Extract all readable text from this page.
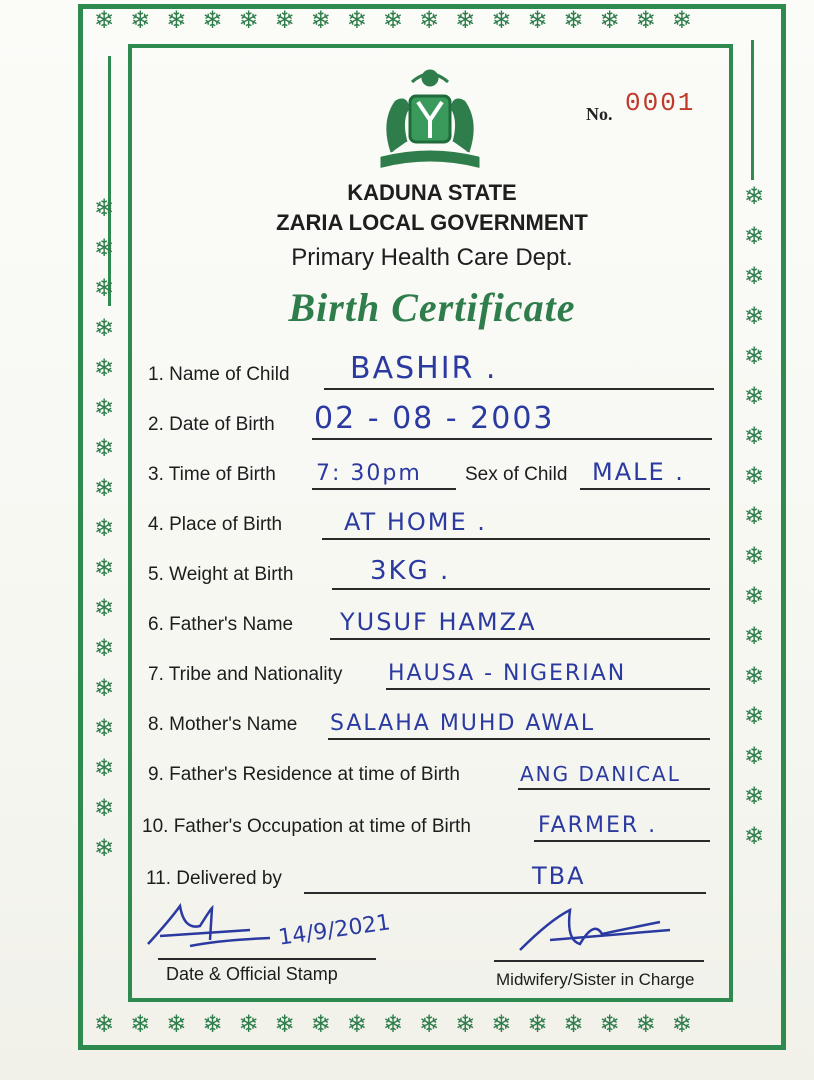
❄ ❄ ❄ ❄ ❄ ❄ ❄ ❄ ❄ ❄ ❄ ❄ ❄ ❄ ❄ ❄ ❄
❄ ❄ ❄ ❄ ❄ ❄ ❄ ❄ ❄ ❄ ❄ ❄ ❄ ❄ ❄ ❄ ❄
❄
❄
❄
❄
❄
❄
❄
❄
❄
❄
❄
❄
❄
❄
❄
❄
❄
❄
❄
❄
❄
❄
❄
❄
❄
❄
❄
❄
❄
❄
❄
❄
❄
❄
No. 0001
KADUNA STATE
ZARIA LOCAL GOVERNMENT
Primary Health Care Dept.
Birth Certificate
1. Name of Child BASHIR .
2. Date of Birth 02 - 08 - 2003
3. Time of Birth 7: 30pm Sex of Child MALE .
4. Place of Birth	AT HOME .
5. Weight at Birth	3KG .
6. Father's Name YUSUF HAMZA
7. Tribe and Nationality HAUSA - NIGERIAN
8. Mother's Name SALAHA MUHD AWAL
9. Father's Residence at time of Birth	ANG DANICAL
10. Father's Occupation at time of Birth	FARMER .
11. Delivered by	TBA
14/9/2021
Date & Official Stamp	Midwifery/Sister in Charge
